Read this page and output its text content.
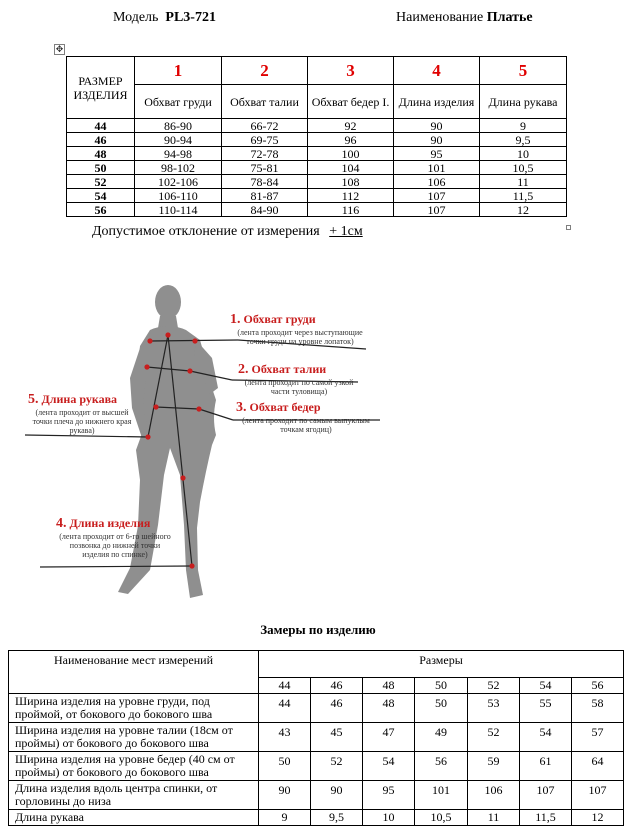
Модель PL3-721	Наименование Платье
✥
РАЗМЕР ИЗДЕЛИЯ	1	2	3	4	5
	Обхват груди	Обхват талии	Обхват бедер I.	Длина изделия	Длина рукава
44	86-90	66-72	92	90	9
46	90-94	69-75	96	90	9,5
48	94-98	72-78	100	95	10
50	98-102	75-81	104	101	10,5
52	102-106	78-84	108	106	11
54	106-110	81-87	112	107	11,5
56	110-114	84-90	116	107	12
Допустимое отклонение от измерения + 1см
1. Обхват груди
(лента проходит через выступающие точки груди на уровне лопаток)
2. Обхват талии
(лента проходит по самой узкой части туловища)
3. Обхват бедер
(лента проходит по самым выпуклым точкам ягодиц)
5. Длина рукава
(лента проходит от высшей точки плеча до нижнего края рукава)
4. Длина изделия
(лента проходит от 6-го шейного позвонка до нижней точки изделия по спинке)
Замеры по изделию
Наименование мест измерений	Размеры						
	44	46	48	50	52	54	56
Ширина изделия на уровне груди, под проймой, от бокового до бокового шва	44	46	48	50	53	55	58
Ширина изделия на уровне талии (18см от проймы) от бокового до бокового шва	43	45	47	49	52	54	57
Ширина изделия на уровне бедер (40 см от проймы) от бокового до бокового шва	50	52	54	56	59	61	64
Длина изделия вдоль центра спинки, от горловины до низа	90	90	95	101	106	107	107
Длина рукава	9	9,5	10	10,5	11	11,5	12
